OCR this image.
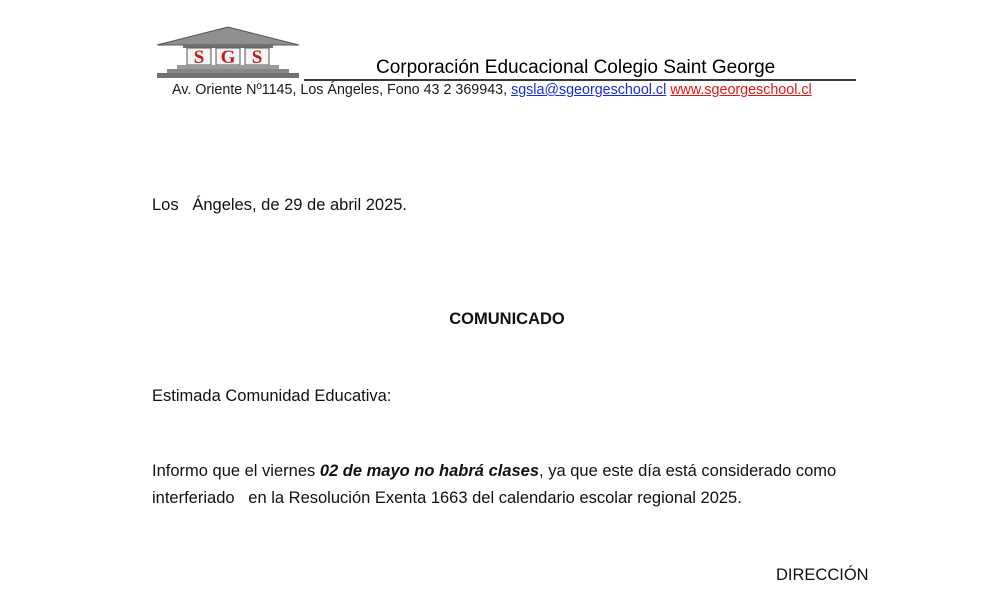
S G S	Corporación Educacional Colegio Saint George
Av. Oriente Nº1145, Los Ángeles, Fono 43 2 369943, sgsla@sgeorgeschool.cl www.sgeorgeschool.cl
Los   Ángeles, de 29 de abril 2025.
COMUNICADO
Estimada Comunidad Educativa:
Informo que el viernes 02 de mayo no habrá clases, ya que este día está considerado como
interferiado   en la Resolución Exenta 1663 del calendario escolar regional 2025.
DIRECCIÓN
